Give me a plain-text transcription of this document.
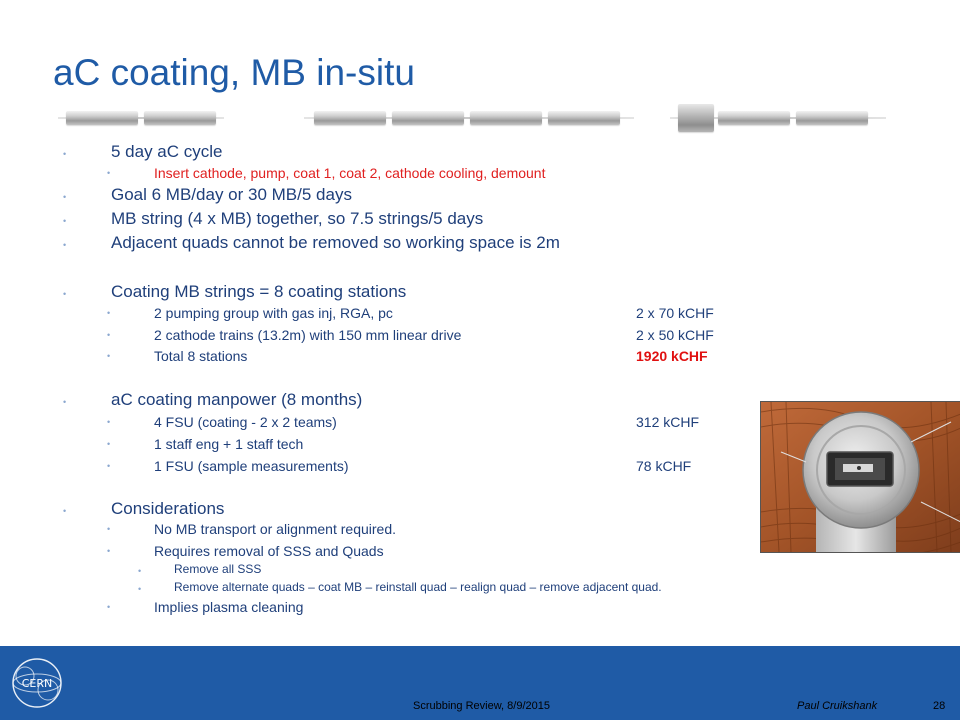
aC coating, MB in-situ
•	5 day aC cycle
•	Insert cathode, pump, coat 1, coat 2, cathode cooling, demount
•	Goal 6 MB/day or 30 MB/5 days
•	MB string (4 x MB) together, so 7.5 strings/5 days
•	Adjacent quads cannot be removed so working space is 2m
•	Coating MB strings = 8 coating stations
•	2 pumping group with gas inj, RGA, pc	2 x 70 kCHF
•	2 cathode trains (13.2m) with 150 mm linear drive	2 x 50 kCHF
•	Total 8 stations	1920 kCHF
•	aC coating manpower (8 months)
•	4 FSU (coating - 2 x 2 teams)	312 kCHF
•	1 staff eng + 1 staff tech
•	1 FSU (sample measurements)	78 kCHF
•	Considerations
•	No MB transport or alignment required.
•	Requires removal of SSS and Quads
•	Remove all SSS
•	Remove alternate quads – coat MB – reinstall quad – realign quad – remove adjacent quad.
•	Implies plasma cleaning
CERN
Scrubbing Review, 8/9/2015	Paul Cruikshank	28
